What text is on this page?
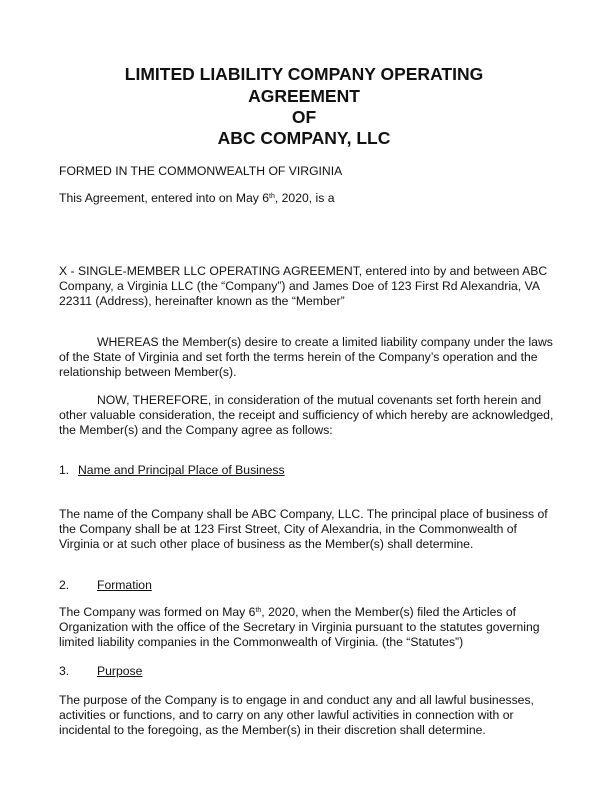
LIMITED LIABILITY COMPANY OPERATING
AGREEMENT
OF
ABC COMPANY, LLC

FORMED IN THE COMMONWEALTH OF VIRGINIA

This Agreement, entered into on May 6th, 2020, is a

X - SINGLE-MEMBER LLC OPERATING AGREEMENT, entered into by and between ABC Company, a Virginia LLC (the “Company”) and James Doe of 123 First Rd Alexandria, VA 22311 (Address), hereinafter known as the “Member”

WHEREAS the Member(s) desire to create a limited liability company under the laws of the State of Virginia and set forth the terms herein of the Company’s operation and the relationship between Member(s).

NOW, THEREFORE, in consideration of the mutual covenants set forth herein and other valuable consideration, the receipt and sufficiency of which hereby are acknowledged, the Member(s) and the Company agree as follows:

1. Name and Principal Place of Business

The name of the Company shall be ABC Company, LLC. The principal place of business of the Company shall be at 123 First Street, City of Alexandria, in the Commonwealth of Virginia or at such other place of business as the Member(s) shall determine.

2. Formation

The Company was formed on May 6th, 2020, when the Member(s) filed the Articles of Organization with the office of the Secretary in Virginia pursuant to the statutes governing limited liability companies in the Commonwealth of Virginia. (the “Statutes”)

3. Purpose

The purpose of the Company is to engage in and conduct any and all lawful businesses, activities or functions, and to carry on any other lawful activities in connection with or incidental to the foregoing, as the Member(s) in their discretion shall determine.
